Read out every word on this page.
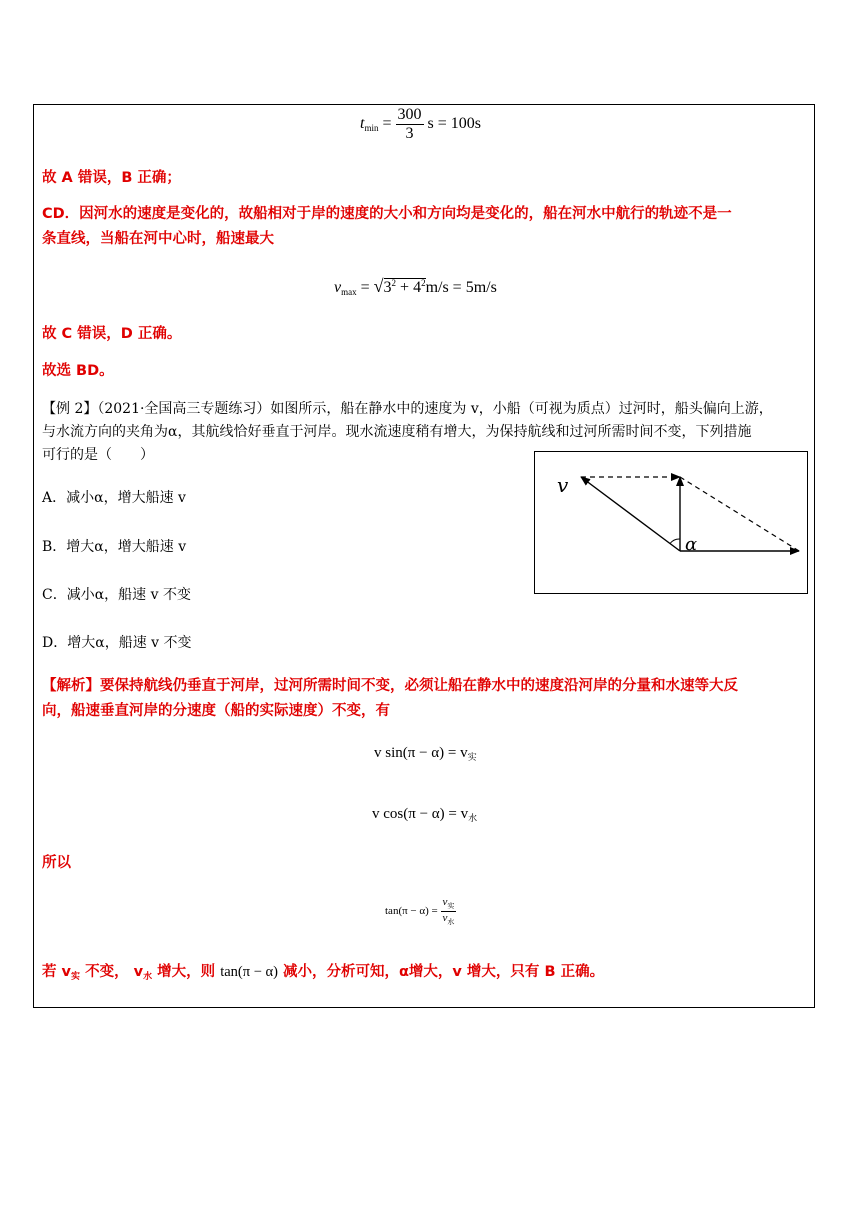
$t_{min} = \frac{300}{3}$ s = 100s
故 A 错误，B 正确；
CD．因河水的速度是变化的，故船相对于岸的速度的大小和方向均是变化的，船在河水中航行的轨迹不是一
条直线，当船在河中心时，船速最大
$v_{max} = √3^2 + 4^2m/s = 5m/s$
故 C 错误，D 正确。
故选 BD。
【例 2】（2021·全国高三专题练习）如图所示，船在静水中的速度为 v，小船（可视为质点）过河时，船头偏向上游，
与水流方向的夹角为α，其航线恰好垂直于河岸。现水流速度稍有增大，为保持航线和过河所需时间不变，下列措施
可行的是（　　）
A．减小α，增大船速 v
B．增大α，增大船速 v
C．减小α，船速 v 不变
D．增大α，船速 v 不变
v
α
【解析】要保持航线仍垂直于河岸，过河所需时间不变，必须让船在静水中的速度沿河岸的分量和水速等大反
向，船速垂直河岸的分速度（船的实际速度）不变，有
v $\sin(\pi - \alpha) = v_实$
v $\cos(\pi - \alpha) = v_水$
所以
$\tan(\pi - \alpha) = \frac{v_实}{v_水}$
若 $v_实$ 不变， $v_水$ 增大，则 tan(π − α) 减小，分析可知，α增大，v 增大，只有 B 正确。
